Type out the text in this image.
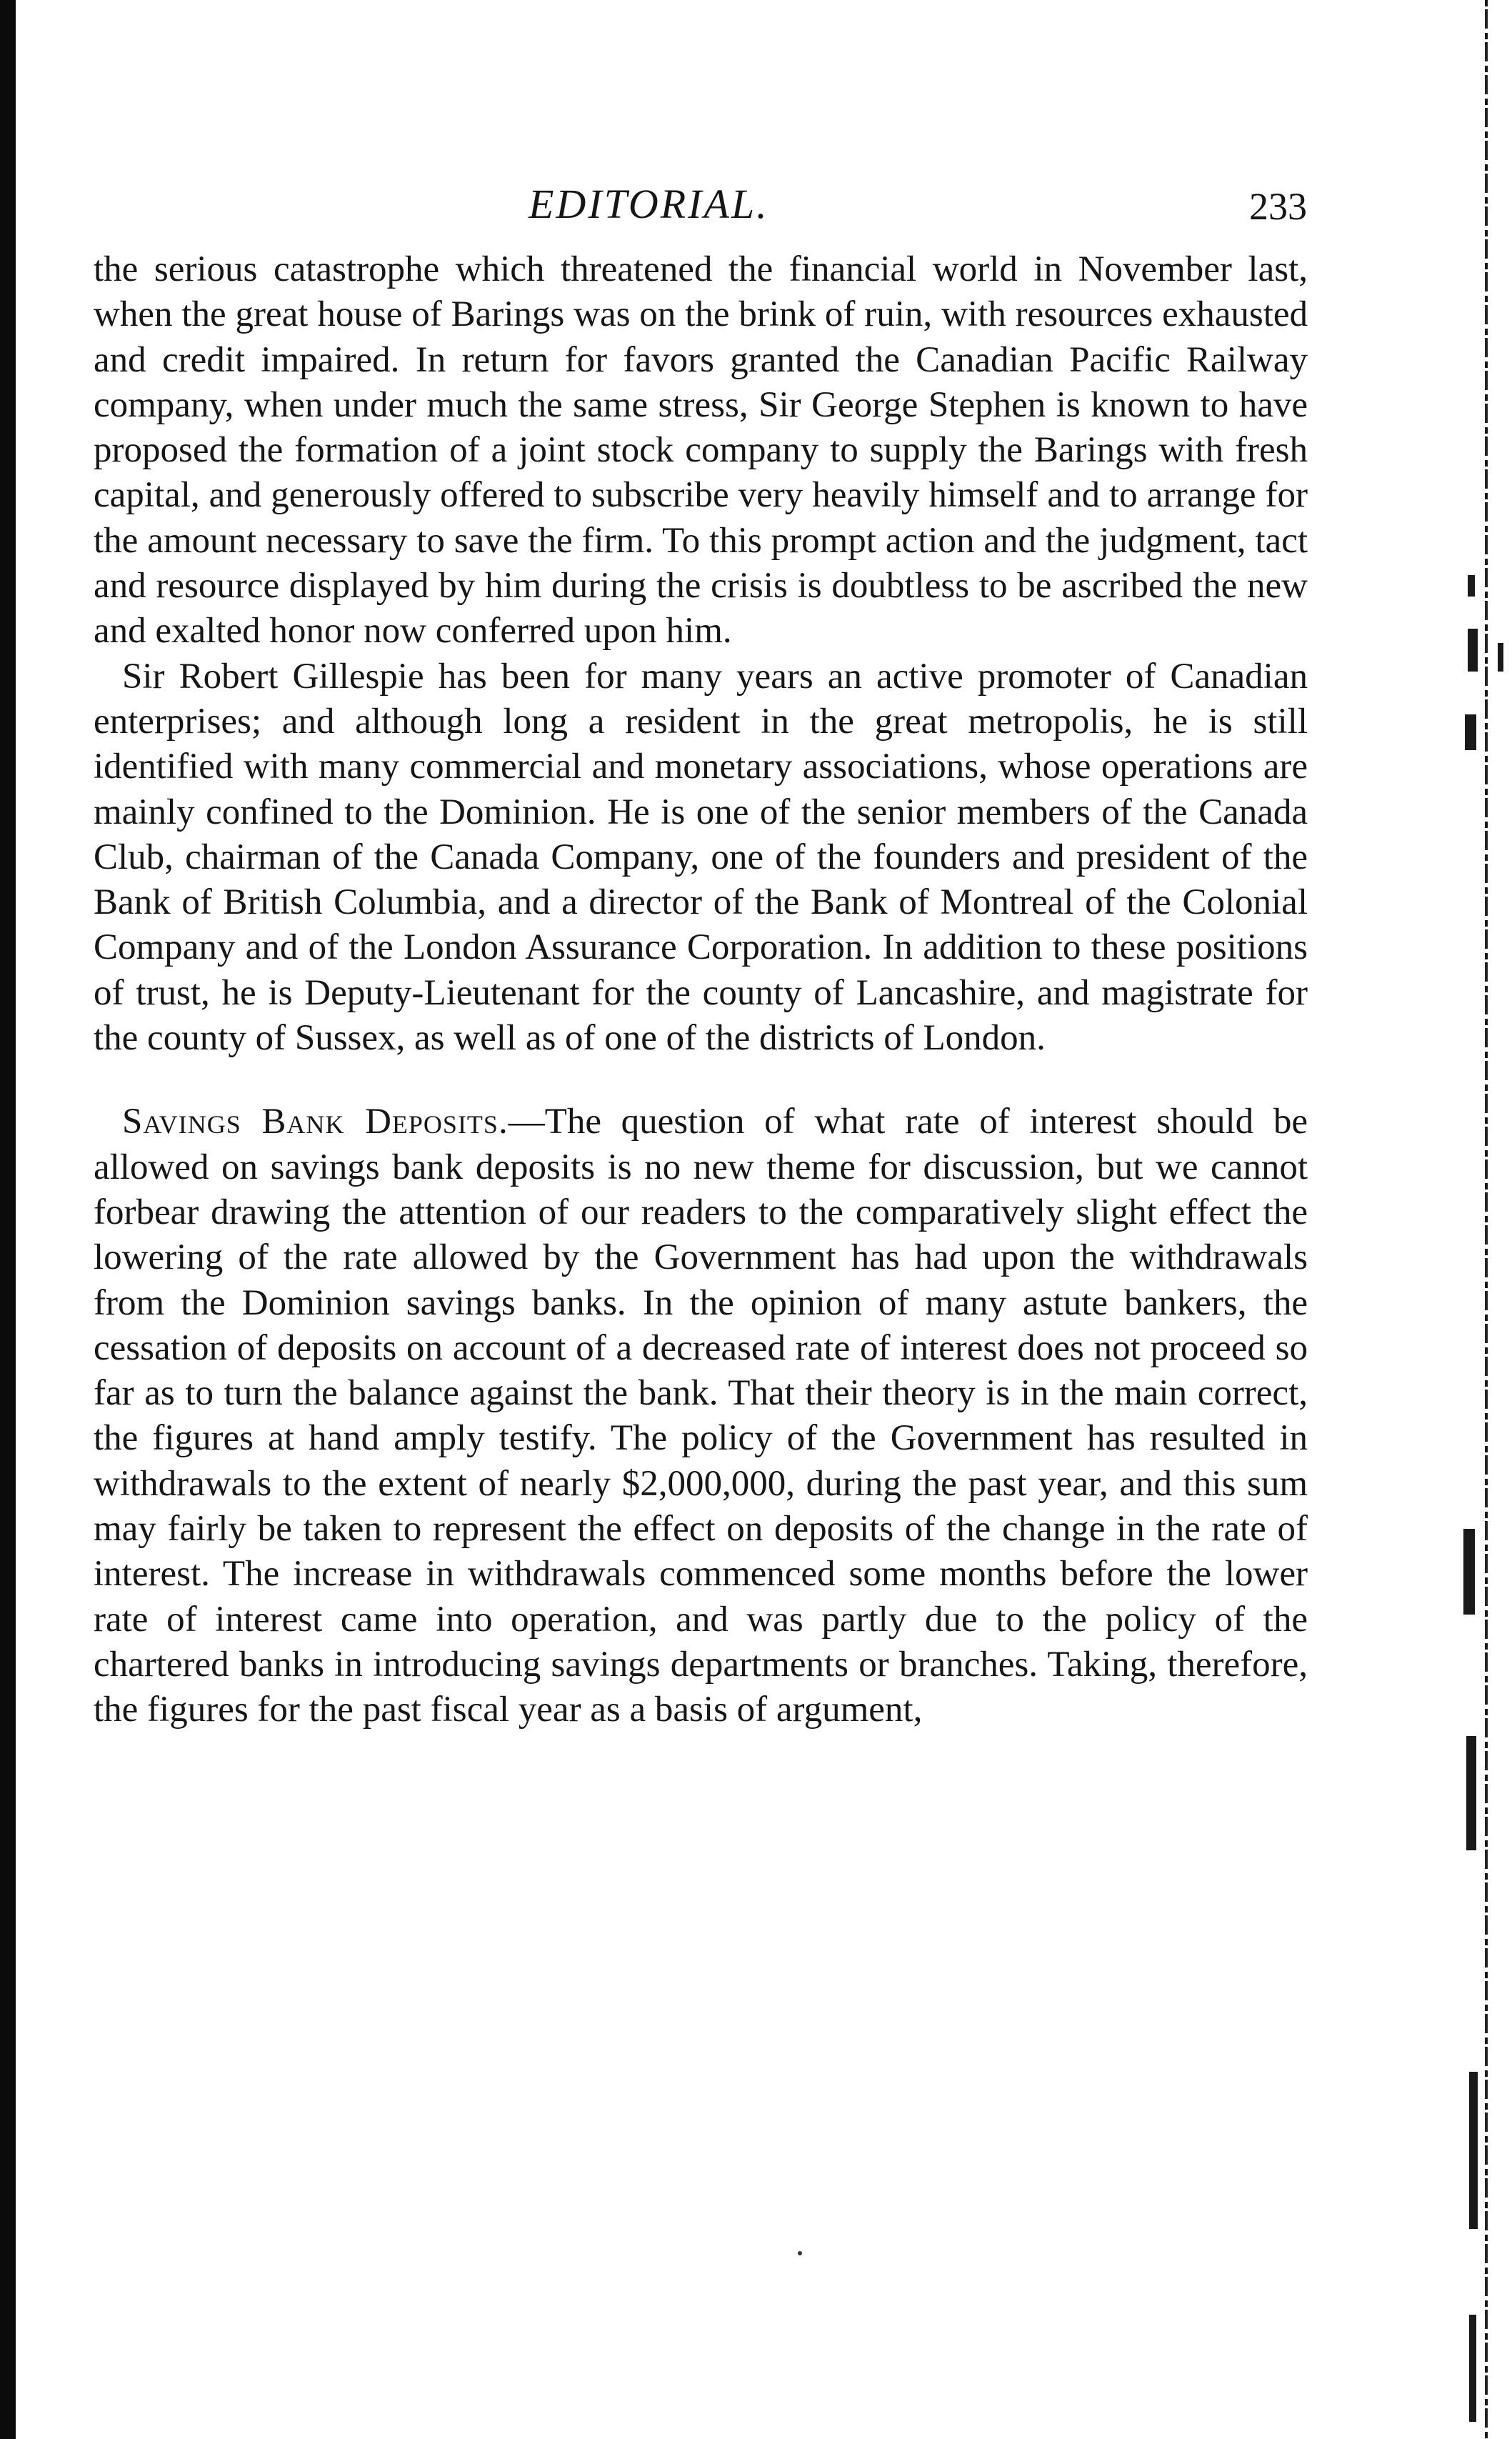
EDITORIAL.	233

the serious catastrophe which threatened the financial world in November last, when the great house of Barings was on the brink of ruin, with resources exhausted and credit impaired. In return for favors granted the Canadian Pacific Railway company, when under much the same stress, Sir George Stephen is known to have proposed the formation of a joint stock company to supply the Barings with fresh capital, and generously offered to subscribe very heavily himself and to arrange for the amount necessary to save the firm. To this prompt action and the judgment, tact and resource displayed by him during the crisis is doubtless to be ascribed the new and exalted honor now conferred upon him.

Sir Robert Gillespie has been for many years an active promoter of Canadian enterprises; and although long a resident in the great metropolis, he is still identified with many commercial and monetary associations, whose operations are mainly confined to the Dominion. He is one of the senior members of the Canada Club, chairman of the Canada Company, one of the founders and president of the Bank of British Columbia, and a director of the Bank of Montreal of the Colonial Company and of the London Assurance Corporation. In addition to these positions of trust, he is Deputy-Lieutenant for the county of Lancashire, and magistrate for the county of Sussex, as well as of one of the districts of London.

Savings Bank Deposits.—The question of what rate of interest should be allowed on savings bank deposits is no new theme for discussion, but we cannot forbear drawing the attention of our readers to the comparatively slight effect the lowering of the rate allowed by the Government has had upon the withdrawals from the Dominion savings banks. In the opinion of many astute bankers, the cessation of deposits on account of a decreased rate of interest does not proceed so far as to turn the balance against the bank. That their theory is in the main correct, the figures at hand amply testify. The policy of the Government has resulted in withdrawals to the extent of nearly $2,000,000, during the past year, and this sum may fairly be taken to represent the effect on deposits of the change in the rate of interest. The increase in withdrawals commenced some months before the lower rate of interest came into operation, and was partly due to the policy of the chartered banks in introducing savings departments or branches. Taking, therefore, the figures for the past fiscal year as a basis of argument,
